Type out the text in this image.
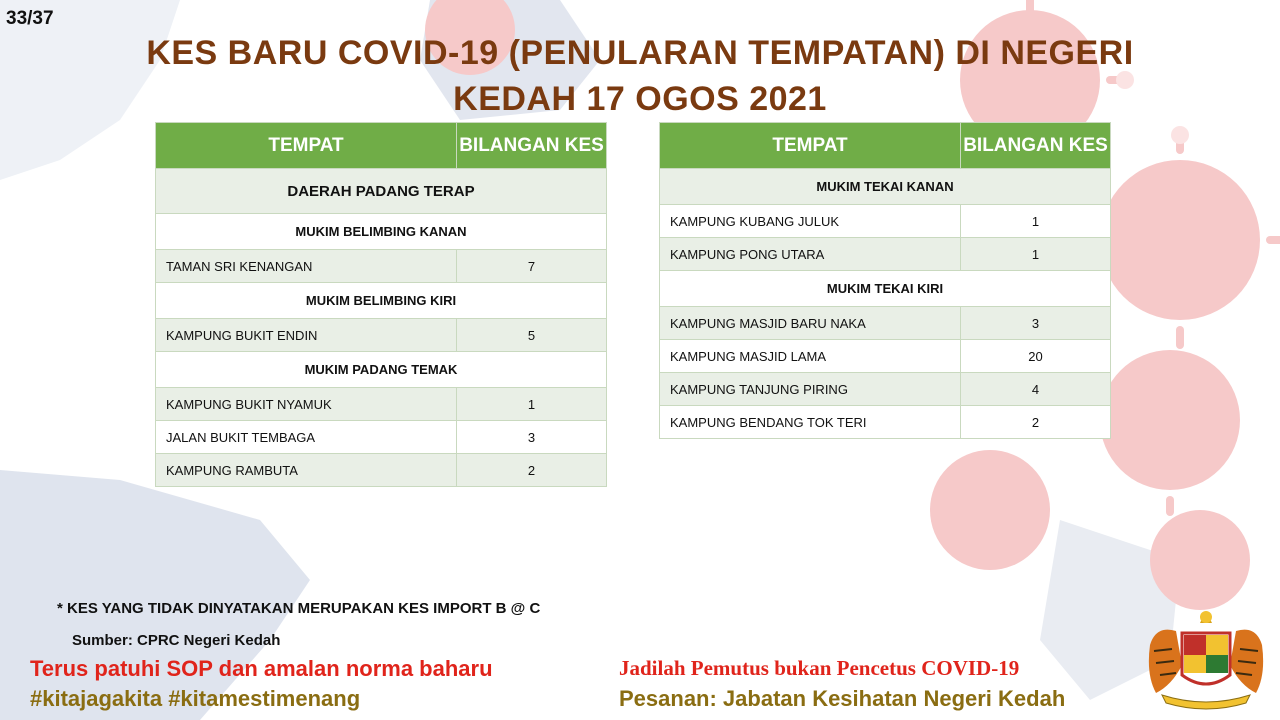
33/37
KES BARU COVID-19 (PENULARAN TEMPATAN) DI NEGERI
KEDAH 17 OGOS 2021
TEMPAT	BILANGAN KES
DAERAH PADANG TERAP	
MUKIM BELIMBING KANAN	
TAMAN SRI KENANGAN	7
MUKIM BELIMBING KIRI	
KAMPUNG BUKIT ENDIN	5
MUKIM PADANG TEMAK	
KAMPUNG BUKIT NYAMUK	1
JALAN BUKIT TEMBAGA	3
KAMPUNG RAMBUTA	2
TEMPAT	BILANGAN KES
MUKIM TEKAI KANAN	
KAMPUNG KUBANG JULUK	1
KAMPUNG PONG UTARA	1
MUKIM TEKAI KIRI	
KAMPUNG MASJID BARU NAKA	3
KAMPUNG MASJID LAMA	20
KAMPUNG TANJUNG PIRING	4
KAMPUNG BENDANG TOK TERI	2
* KES YANG TIDAK DINYATAKAN MERUPAKAN KES IMPORT B @ C
Sumber: CPRC Negeri Kedah
Terus patuhi SOP dan amalan norma baharu
#kitajagakita #kitamestimenang
Jadilah Pemutus bukan Pencetus COVID-19
Pesanan: Jabatan Kesihatan Negeri Kedah
